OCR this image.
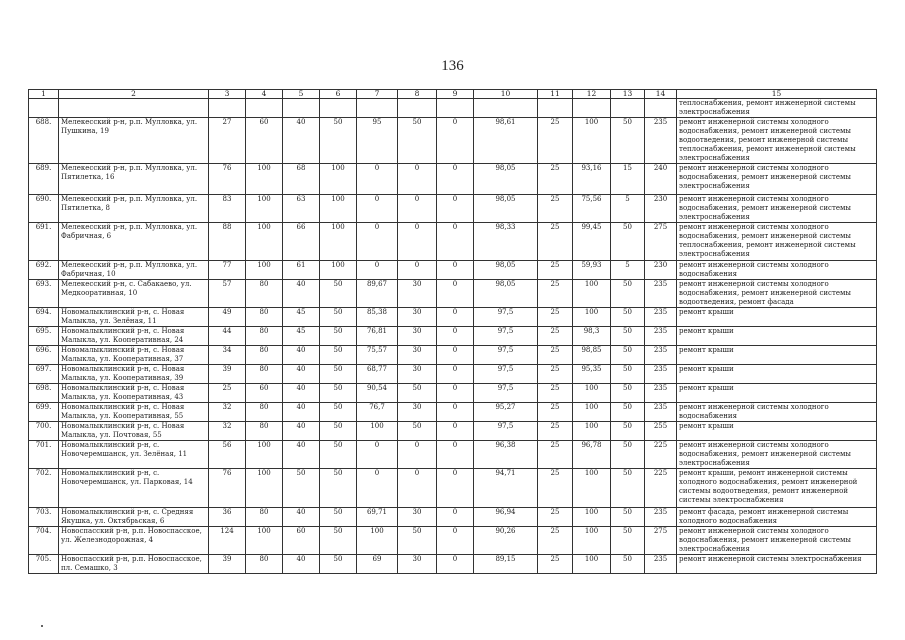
136
1	2	3	4	5	6	7	8	9	10	11	12	13	14	15
														теплоснабжения, ремонт инженерной системы электроснабжения
688.	Мелекесский р-н, р.п. Мулловка, ул. Пушкина, 19	27	60	40	50	95	50	0	98,61	25	100	50	235	ремонт инженерной системы холодного водоснабжения, ремонт инженерной системы водоотведения, ремонт инженерной системы теплоснабжения, ремонт инженерной системы электроснабжения
689.	Мелекесский р-н, р.п. Мулловка, ул. Пятилетка, 16	76	100	68	100	0	0	0	98,05	25	93,16	15	240	ремонт инженерной системы холодного водоснабжения, ремонт инженерной системы электроснабжения
690.	Мелекесский р-н, р.п. Мулловка, ул. Пятилетка, 8	83	100	63	100	0	0	0	98,05	25	75,56	5	230	ремонт инженерной системы холодного водоснабжения, ремонт инженерной системы электроснабжения
691.	Мелекесский р-н, р.п. Мулловка, ул. Фабричная, 6	88	100	66	100	0	0	0	98,33	25	99,45	50	275	ремонт инженерной системы холодного водоснабжения, ремонт инженерной системы теплоснабжения, ремонт инженерной системы электроснабжения
692.	Мелекесский р-н, р.п. Мулловка, ул. Фабричная, 10	77	100	61	100	0	0	0	98,05	25	59,93	5	230	ремонт инженерной системы холодного водоснабжения
693.	Мелекесский р-н, с. Сабакаево, ул. Медкооративная, 10	57	80	40	50	89,67	30	0	98,05	25	100	50	235	ремонт инженерной системы холодного водоснабжения, ремонт инженерной системы водоотведения, ремонт фасада
694.	Новомалыклинский р-н, с. Новая Малыкла, ул. Зелёная, 11	49	80	45	50	85,38	30	0	97,5	25	100	50	235	ремонт крыши
695.	Новомалыклинский р-н, с. Новая Малыкла, ул. Кооперативная, 24	44	80	45	50	76,81	30	0	97,5	25	98,3	50	235	ремонт крыши
696.	Новомалыклинский р-н, с. Новая Малыкла, ул. Кооперативная, 37	34	80	40	50	75,57	30	0	97,5	25	98,85	50	235	ремонт крыши
697.	Новомалыклинский р-н, с. Новая Малыкла, ул. Кооперативная, 39	39	80	40	50	68,77	30	0	97,5	25	95,35	50	235	ремонт крыши
698.	Новомалыклинский р-н, с. Новая Малыкла, ул. Кооперативная, 43	25	60	40	50	90,54	50	0	97,5	25	100	50	235	ремонт крыши
699.	Новомалыклинский р-н, с. Новая Малыкла, ул. Кооперативная, 55	32	80	40	50	76,7	30	0	95,27	25	100	50	235	ремонт инженерной системы холодного водоснабжения
700.	Новомалыклинский р-н, с. Новая Малыкла, ул. Почтовая, 55	32	80	40	50	100	50	0	97,5	25	100	50	255	ремонт крыши
701.	Новомалыклинский р-н, с. Новочеремшанск, ул. Зелёная, 11	56	100	40	50	0	0	0	96,38	25	96,78	50	225	ремонт инженерной системы холодного водоснабжения, ремонт инженерной системы электроснабжения
702.	Новомалыклинский р-н, с. Новочеремшанск, ул. Парковая, 14	76	100	50	50	0	0	0	94,71	25	100	50	225	ремонт крыши, ремонт инженерной системы холодного водоснабжения, ремонт инженерной системы водоотведения, ремонт инженерной системы электроснабжения
703.	Новомалыклинский р-н, с. Средняя Якушка, ул. Октябрьская, 6	36	80	40	50	69,71	30	0	96,94	25	100	50	235	ремонт фасада, ремонт инженерной системы холодного водоснабжения
704.	Новоспасский р-н, р.п. Новоспасское, ул. Железнодорожная, 4	124	100	60	50	100	50	0	90,26	25	100	50	275	ремонт инженерной системы холодного водоснабжения, ремонт инженерной системы электроснабжения
705.	Новоспасский р-н, р.п. Новоспасское, пл. Семашко, 3	39	80	40	50	69	30	0	89,15	25	100	50	235	ремонт инженерной системы электроснабжения
